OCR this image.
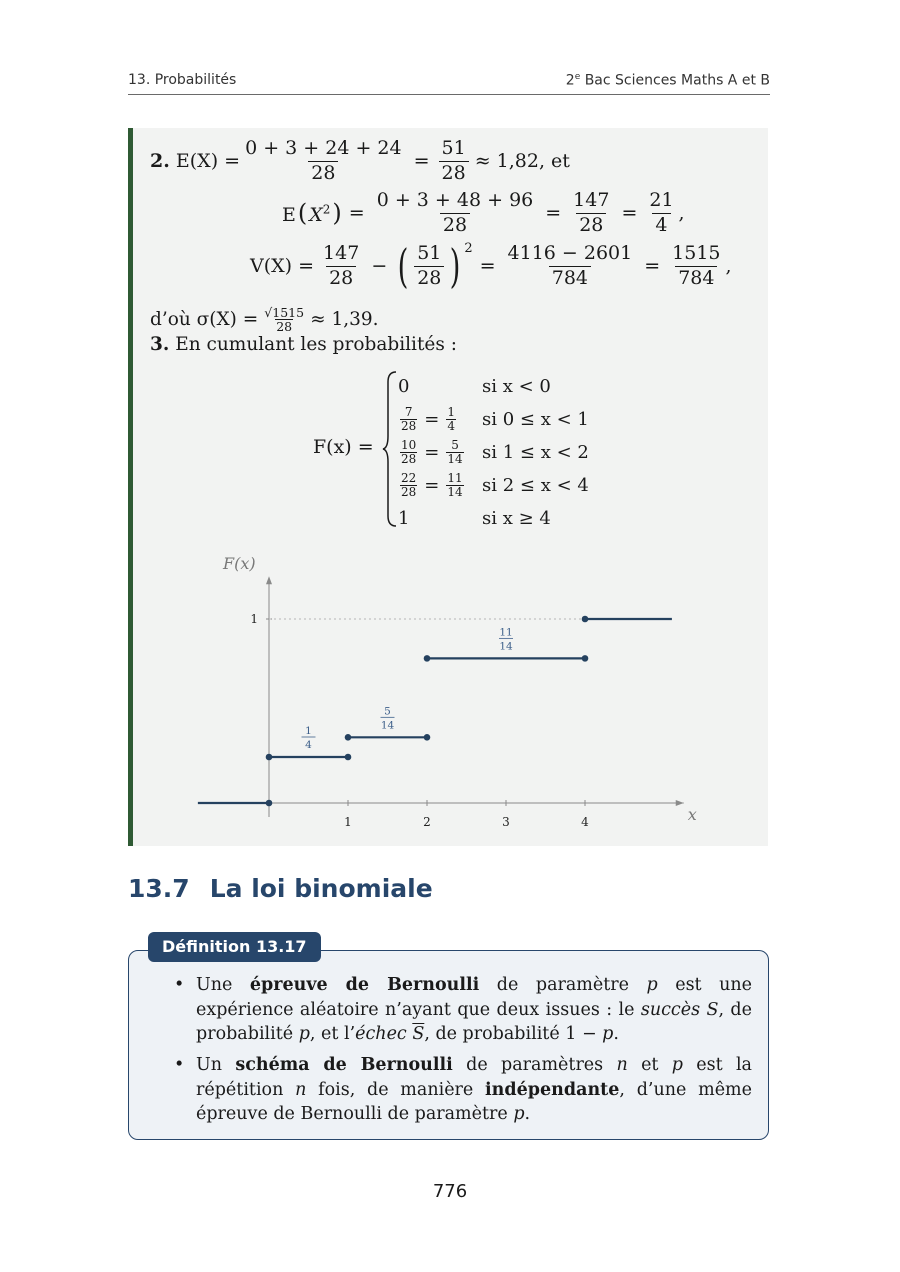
13. Probabilités	2e Bac Sciences Maths A et B
2.
$E(X) = \frac{0 + 3 + 24 + 24}{28} = \frac{51}{28} \approx 1,82$, et
E( $X^2) = \frac{0 + 3 + 48 + 96}{28} = \frac{147}{28} = \frac{21}{4}$ ,
$V(X) = \frac{147}{28}$ − ( $\frac{51}{28}$ ) $^2$
= $\frac{4116 - 2601}{784} = \frac{1515}{784}$ ,
d’où $\sigma(X) = \frac{√1515}{28} \approx 1,39$.
3.
En cumulant les probabilités :
F(x) =
0	si x < 0
$\frac{7}{28} = \frac{1}{4}$ si 0 ≤ x < 1
$\frac{10}{28} = \frac{5}{14}$ si 1 ≤ x < 2
$\frac{22}{28} = \frac{11}{14}$ si 2 ≤ x < 4
1	si x ≥ 4
1	2	3	4
1
F(x)
x
1
4
5
14
11
14
13.7 La loi binomiale
Définition 13.17
• Une épreuve de Bernoulli de paramètre p est une expérience aléatoire n’ayant que deux issues : le succès S, de probabilité p, et l’échec $\overline{S}$, de probabilité 1 − p.
• Un schéma de Bernoulli de paramètres n et p est la répétition n fois, de manière indépendante, d’une même épreuve de Bernoulli de paramètre p.
776
